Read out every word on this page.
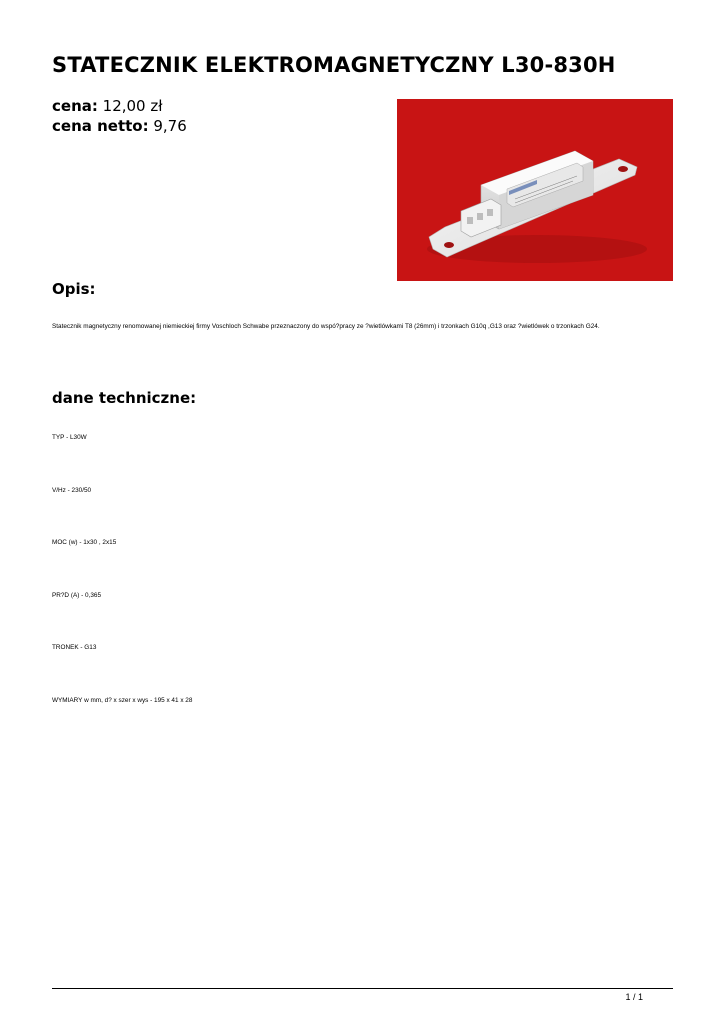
STATECZNIK ELEKTROMAGNETYCZNY L30-830H
cena: 12,00 zł
cena netto: 9,76
Opis:

Statecznik magnetyczny renomowanej niemieckiej firmy Voschloch Schwabe przeznaczony do wspó?pracy ze ?wietlówkami T8 (26mm) i trzonkach G10q ,G13 oraz ?wietlówek o trzonkach G24.

dane techniczne:

TYP - L30W

V/Hz - 230/50

MOC (w) - 1x30 , 2x15

PR?D (A) - 0,365

TRONEK - G13

WYMIARY w mm, d? x szer x wys - 195 x 41 x 28

1 / 1
